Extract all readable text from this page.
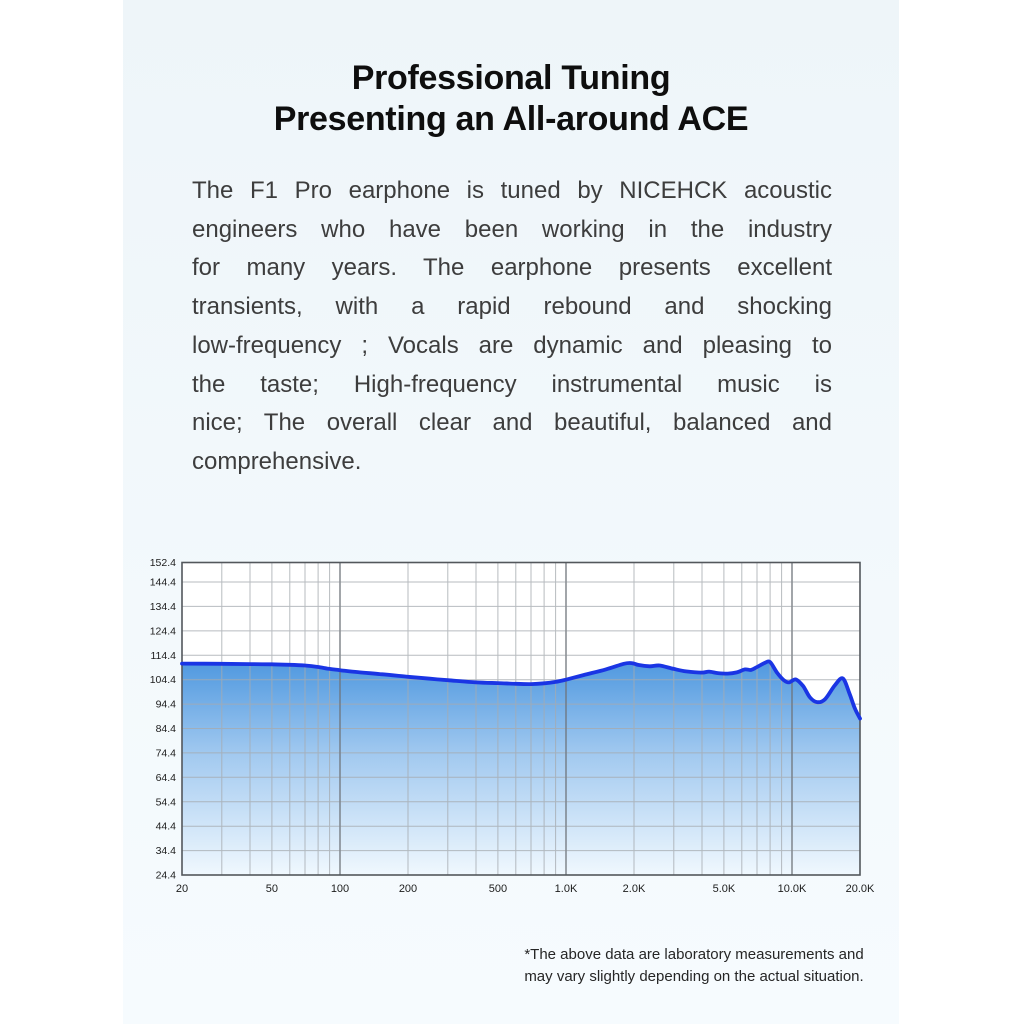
Professional Tuning
Presenting an All-around ACE
The F1 Pro earphone is tuned by NICEHCK acoustic
engineers who have been working in the industry
for many years. The earphone presents excellent
transients, with a rapid rebound and shocking
low-frequency ; Vocals are dynamic and pleasing to
the taste; High-frequency instrumental music is
nice; The overall clear and beautiful, balanced and
comprehensive.
152.4
144.4
134.4
124.4
114.4
104.4
94.4
84.4
74.4
64.4
54.4
44.4
34.4
24.4
20	50	100	200	500	1.0K	2.0K	5.0K	10.0K	20.0K
*The above data are laboratory measurements and
may vary slightly depending on the actual situation.
